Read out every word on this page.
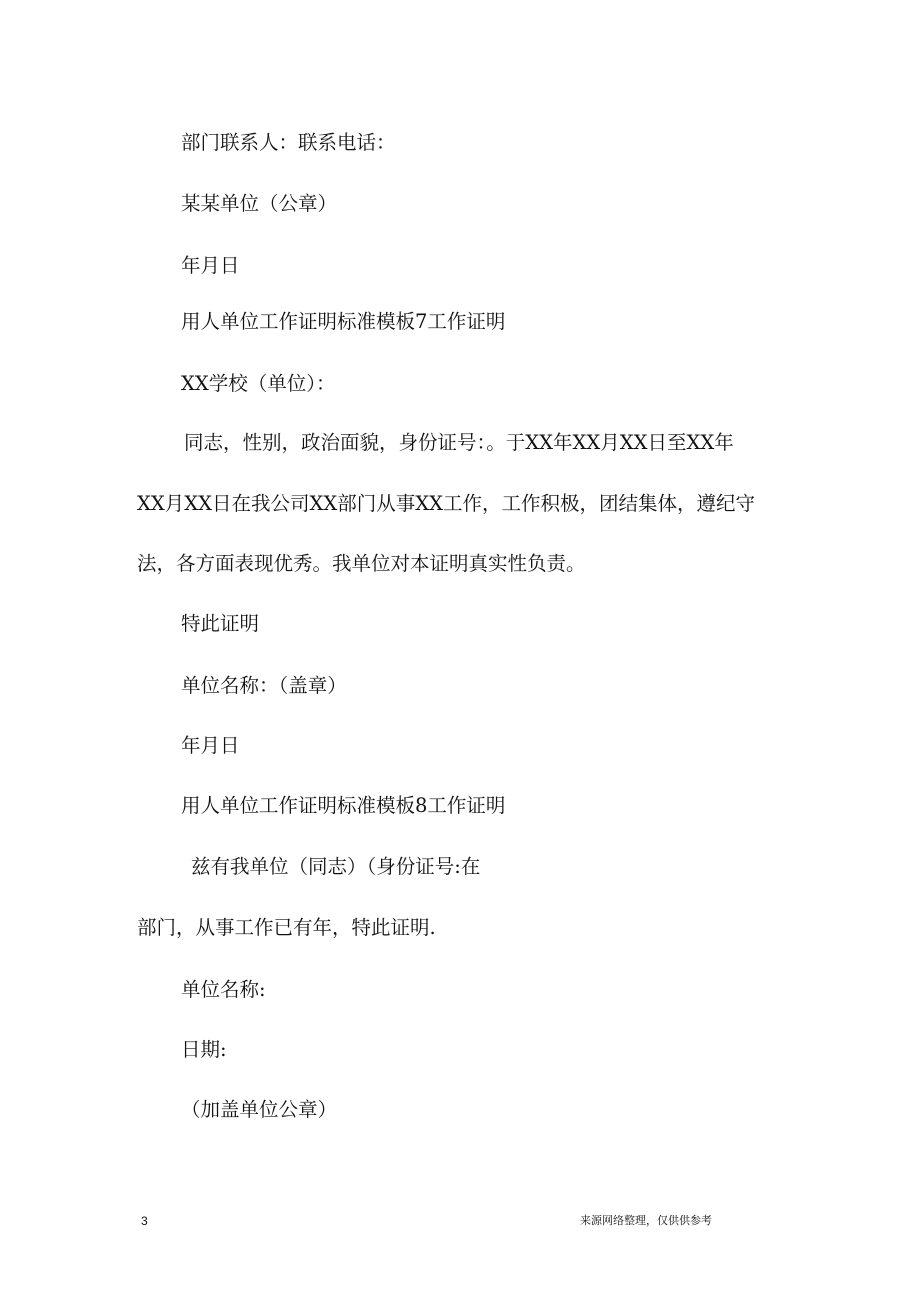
部门联系人：联系电话：

某某单位（公章）

年月日

用人单位工作证明标准模板7工作证明

XX学校（单位）：

同志，性别，政治面貌，身份证号：。于XX年XX月XX日至XX年

XX月XX日在我公司XX部门从事XX工作，工作积极，团结集体，遵纪守

法，各方面表现优秀。我单位对本证明真实性负责。

特此证明

单位名称：（盖章）

年月日

用人单位工作证明标准模板8工作证明

兹有我单位（同志）（身份证号:在

部门，从事工作已有年，特此证明.

单位名称:

日期:

（加盖单位公章）

3	来源网络整理，仅供供参考
